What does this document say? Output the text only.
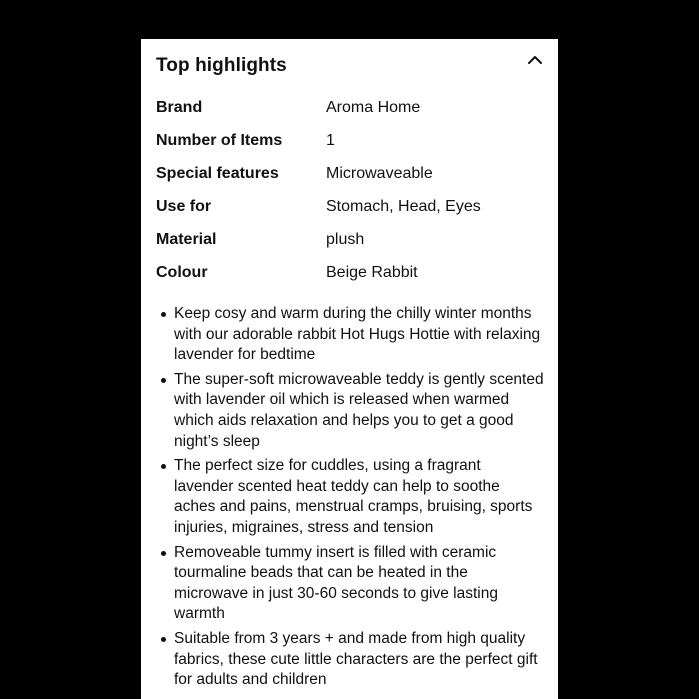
Top highlights
Brand	Aroma Home
Number of Items	1
Special features	Microwaveable
Use for	Stomach, Head, Eyes
Material	plush
Colour	Beige Rabbit
Keep cosy and warm during the chilly winter months with our adorable rabbit Hot Hugs Hottie with relaxing lavender for bedtime
The super-soft microwaveable teddy is gently scented with lavender oil which is released when warmed which aids relaxation and helps you to get a good night’s sleep
The perfect size for cuddles, using a fragrant lavender scented heat teddy can help to soothe aches and pains, menstrual cramps, bruising, sports injuries, migraines, stress and tension
Removeable tummy insert is filled with ceramic tourmaline beads that can be heated in the microwave in just 30-60 seconds to give lasting warmth
Suitable from 3 years + and made from high quality fabrics, these cute little characters are the perfect gift for adults and children
